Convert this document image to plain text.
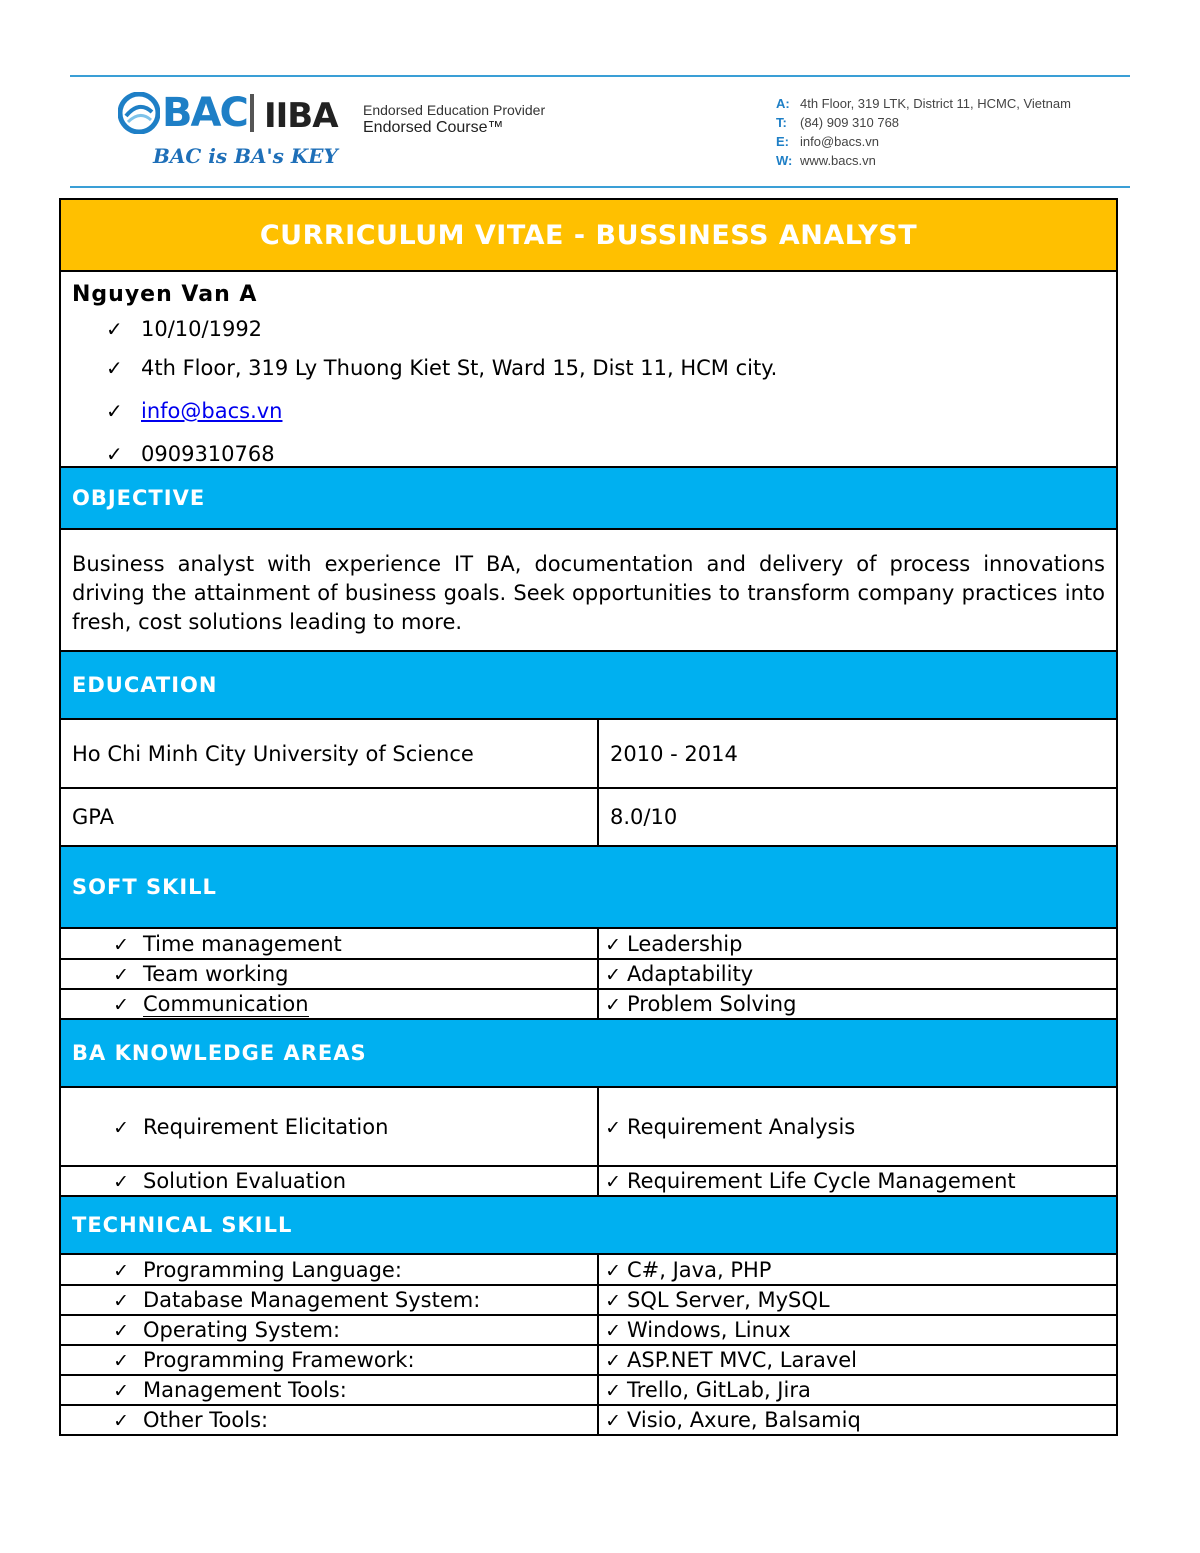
BAC IIBA Endorsed Education Provider
Endorsed Course™
BAC is BA's KEY
A: 4th Floor, 319 LTK, District 11, HCMC, Vietnam
T: (84) 909 310 768
E: info@bacs.vn
W: www.bacs.vn
CURRICULUM VITAE - BUSSINESS ANALYST
Nguyen Van A
✓ 10/10/1992
✓ 4th Floor, 319 Ly Thuong Kiet St, Ward 15, Dist 11, HCM city.
✓ info@bacs.vn
✓ 0909310768
OBJECTIVE
Business analyst with experience IT BA, documentation and delivery of process innovations driving the attainment of business goals. Seek opportunities to transform company practices into fresh, cost solutions leading to more.
EDUCATION
Ho Chi Minh City University of Science	2010 - 2014
GPA	8.0/10
SOFT SKILL
✓ Time management	✓ Leadership
✓ Team working	✓ Adaptability
✓ Communication	✓ Problem Solving
BA KNOWLEDGE AREAS
✓ Requirement Elicitation	✓ Requirement Analysis
✓ Solution Evaluation	✓ Requirement Life Cycle Management
TECHNICAL SKILL
✓ Programming Language:	✓ C#, Java, PHP
✓ Database Management System:	✓ SQL Server, MySQL
✓ Operating System:	✓ Windows, Linux
✓ Programming Framework:	✓ ASP.NET MVC, Laravel
✓ Management Tools:	✓ Trello, GitLab, Jira
✓ Other Tools:	✓ Visio, Axure, Balsamiq
